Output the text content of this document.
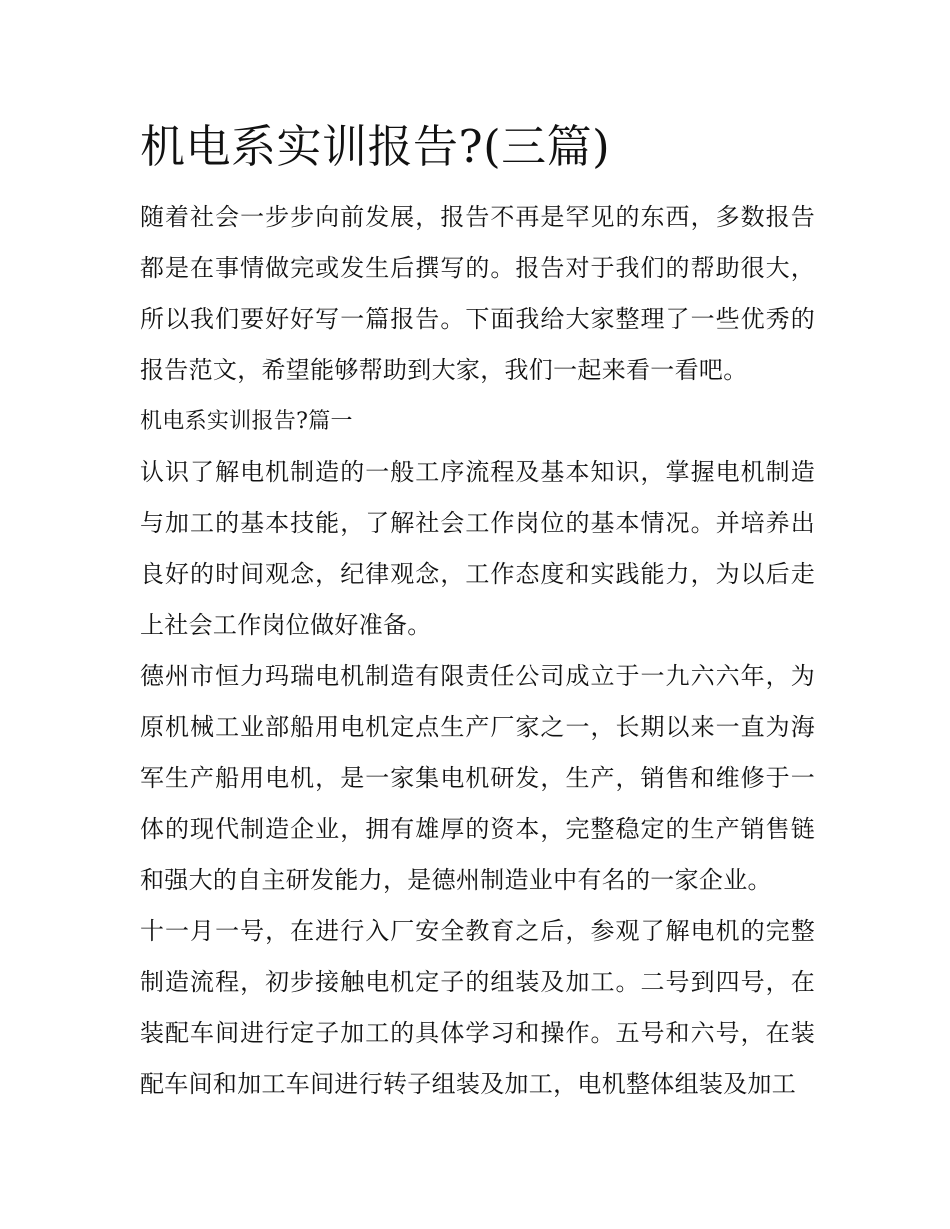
机电系实训报告?(三篇)

随着社会一步步向前发展，报告不再是罕见的东西，多数报告都是在事情做完或发生后撰写的。报告对于我们的帮助很大，所以我们要好好写一篇报告。下面我给大家整理了一些优秀的报告范文，希望能够帮助到大家，我们一起来看一看吧。

机电系实训报告?篇一

认识了解电机制造的一般工序流程及基本知识，掌握电机制造与加工的基本技能，了解社会工作岗位的基本情况。并培养出良好的时间观念，纪律观念，工作态度和实践能力，为以后走上社会工作岗位做好准备。

德州市恒力玛瑞电机制造有限责任公司成立于一九六六年，为原机械工业部船用电机定点生产厂家之一，长期以来一直为海军生产船用电机，是一家集电机研发，生产，销售和维修于一体的现代制造企业，拥有雄厚的资本，完整稳定的生产销售链和强大的自主研发能力，是德州制造业中有名的一家企业。

十一月一号，在进行入厂安全教育之后，参观了解电机的完整制造流程，初步接触电机定子的组装及加工。二号到四号，在装配车间进行定子加工的具体学习和操作。五号和六号，在装配车间和加工车间进行转子组装及加工，电机整体组装及加工
